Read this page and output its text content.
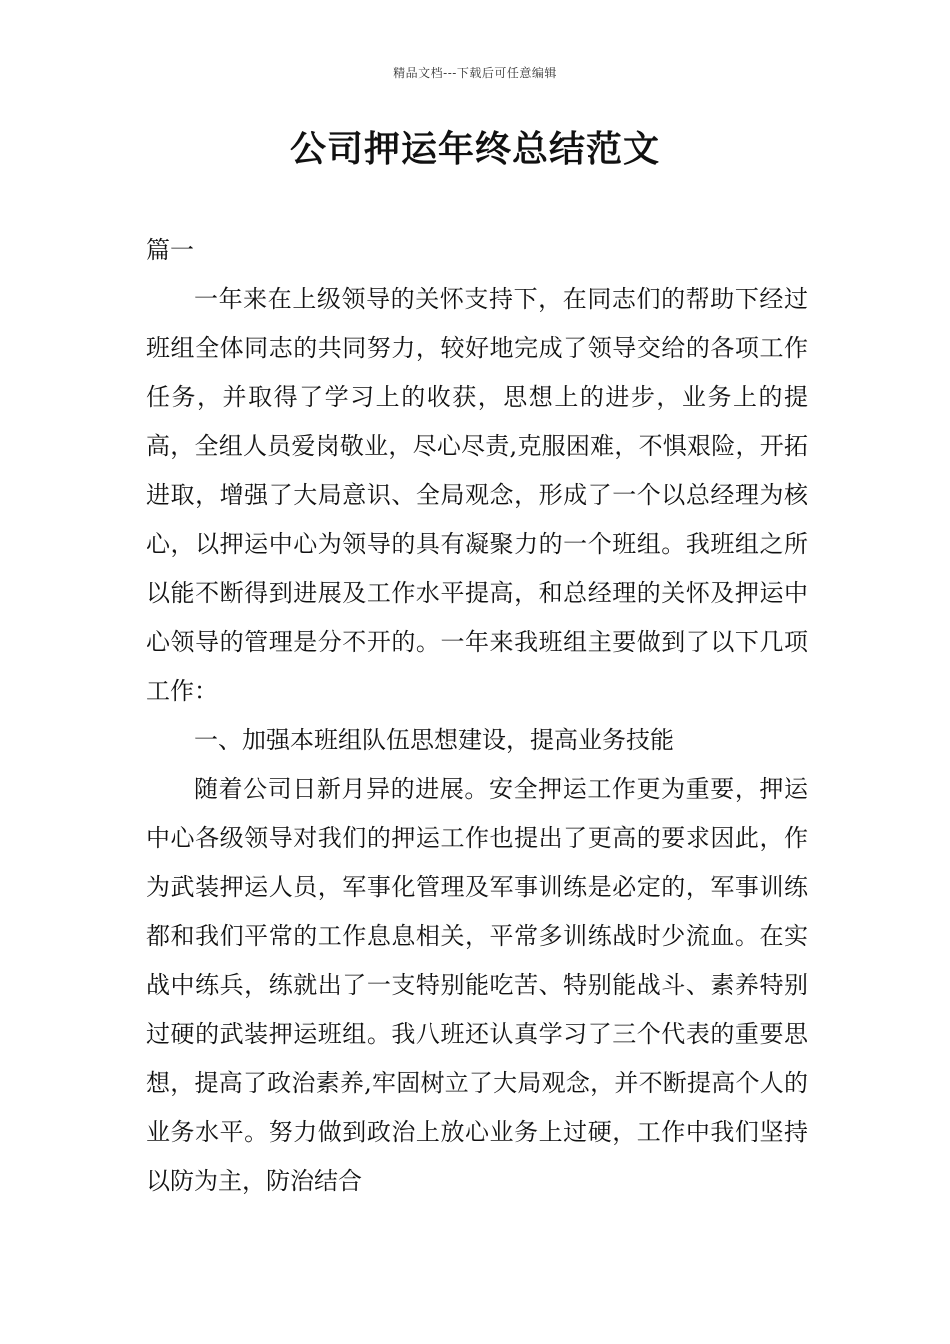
精品文档---下载后可任意编辑
公司押运年终总结范文

篇一

一年来在上级领导的关怀支持下，在同志们的帮助下经过班组全体同志的共同努力，较好地完成了领导交给的各项工作任务，并取得了学习上的收获，思想上的进步，业务上的提高，全组人员爱岗敬业，尽心尽责,克服困难，不惧艰险，开拓进取，增强了大局意识、全局观念，形成了一个以总经理为核心，以押运中心为领导的具有凝聚力的一个班组。我班组之所以能不断得到进展及工作水平提高，和总经理的关怀及押运中心领导的管理是分不开的。一年来我班组主要做到了以下几项工作：

一、加强本班组队伍思想建设，提高业务技能

随着公司日新月异的进展。安全押运工作更为重要，押运中心各级领导对我们的押运工作也提出了更高的要求因此，作为武装押运人员，军事化管理及军事训练是必定的，军事训练都和我们平常的工作息息相关，平常多训练战时少流血。在实战中练兵，练就出了一支特别能吃苦、特别能战斗、素养特别过硬的武装押运班组。我八班还认真学习了三个代表的重要思想，提高了政治素养,牢固树立了大局观念，并不断提高个人的业务水平。努力做到政治上放心业务上过硬，工作中我们坚持以防为主，防治结合
